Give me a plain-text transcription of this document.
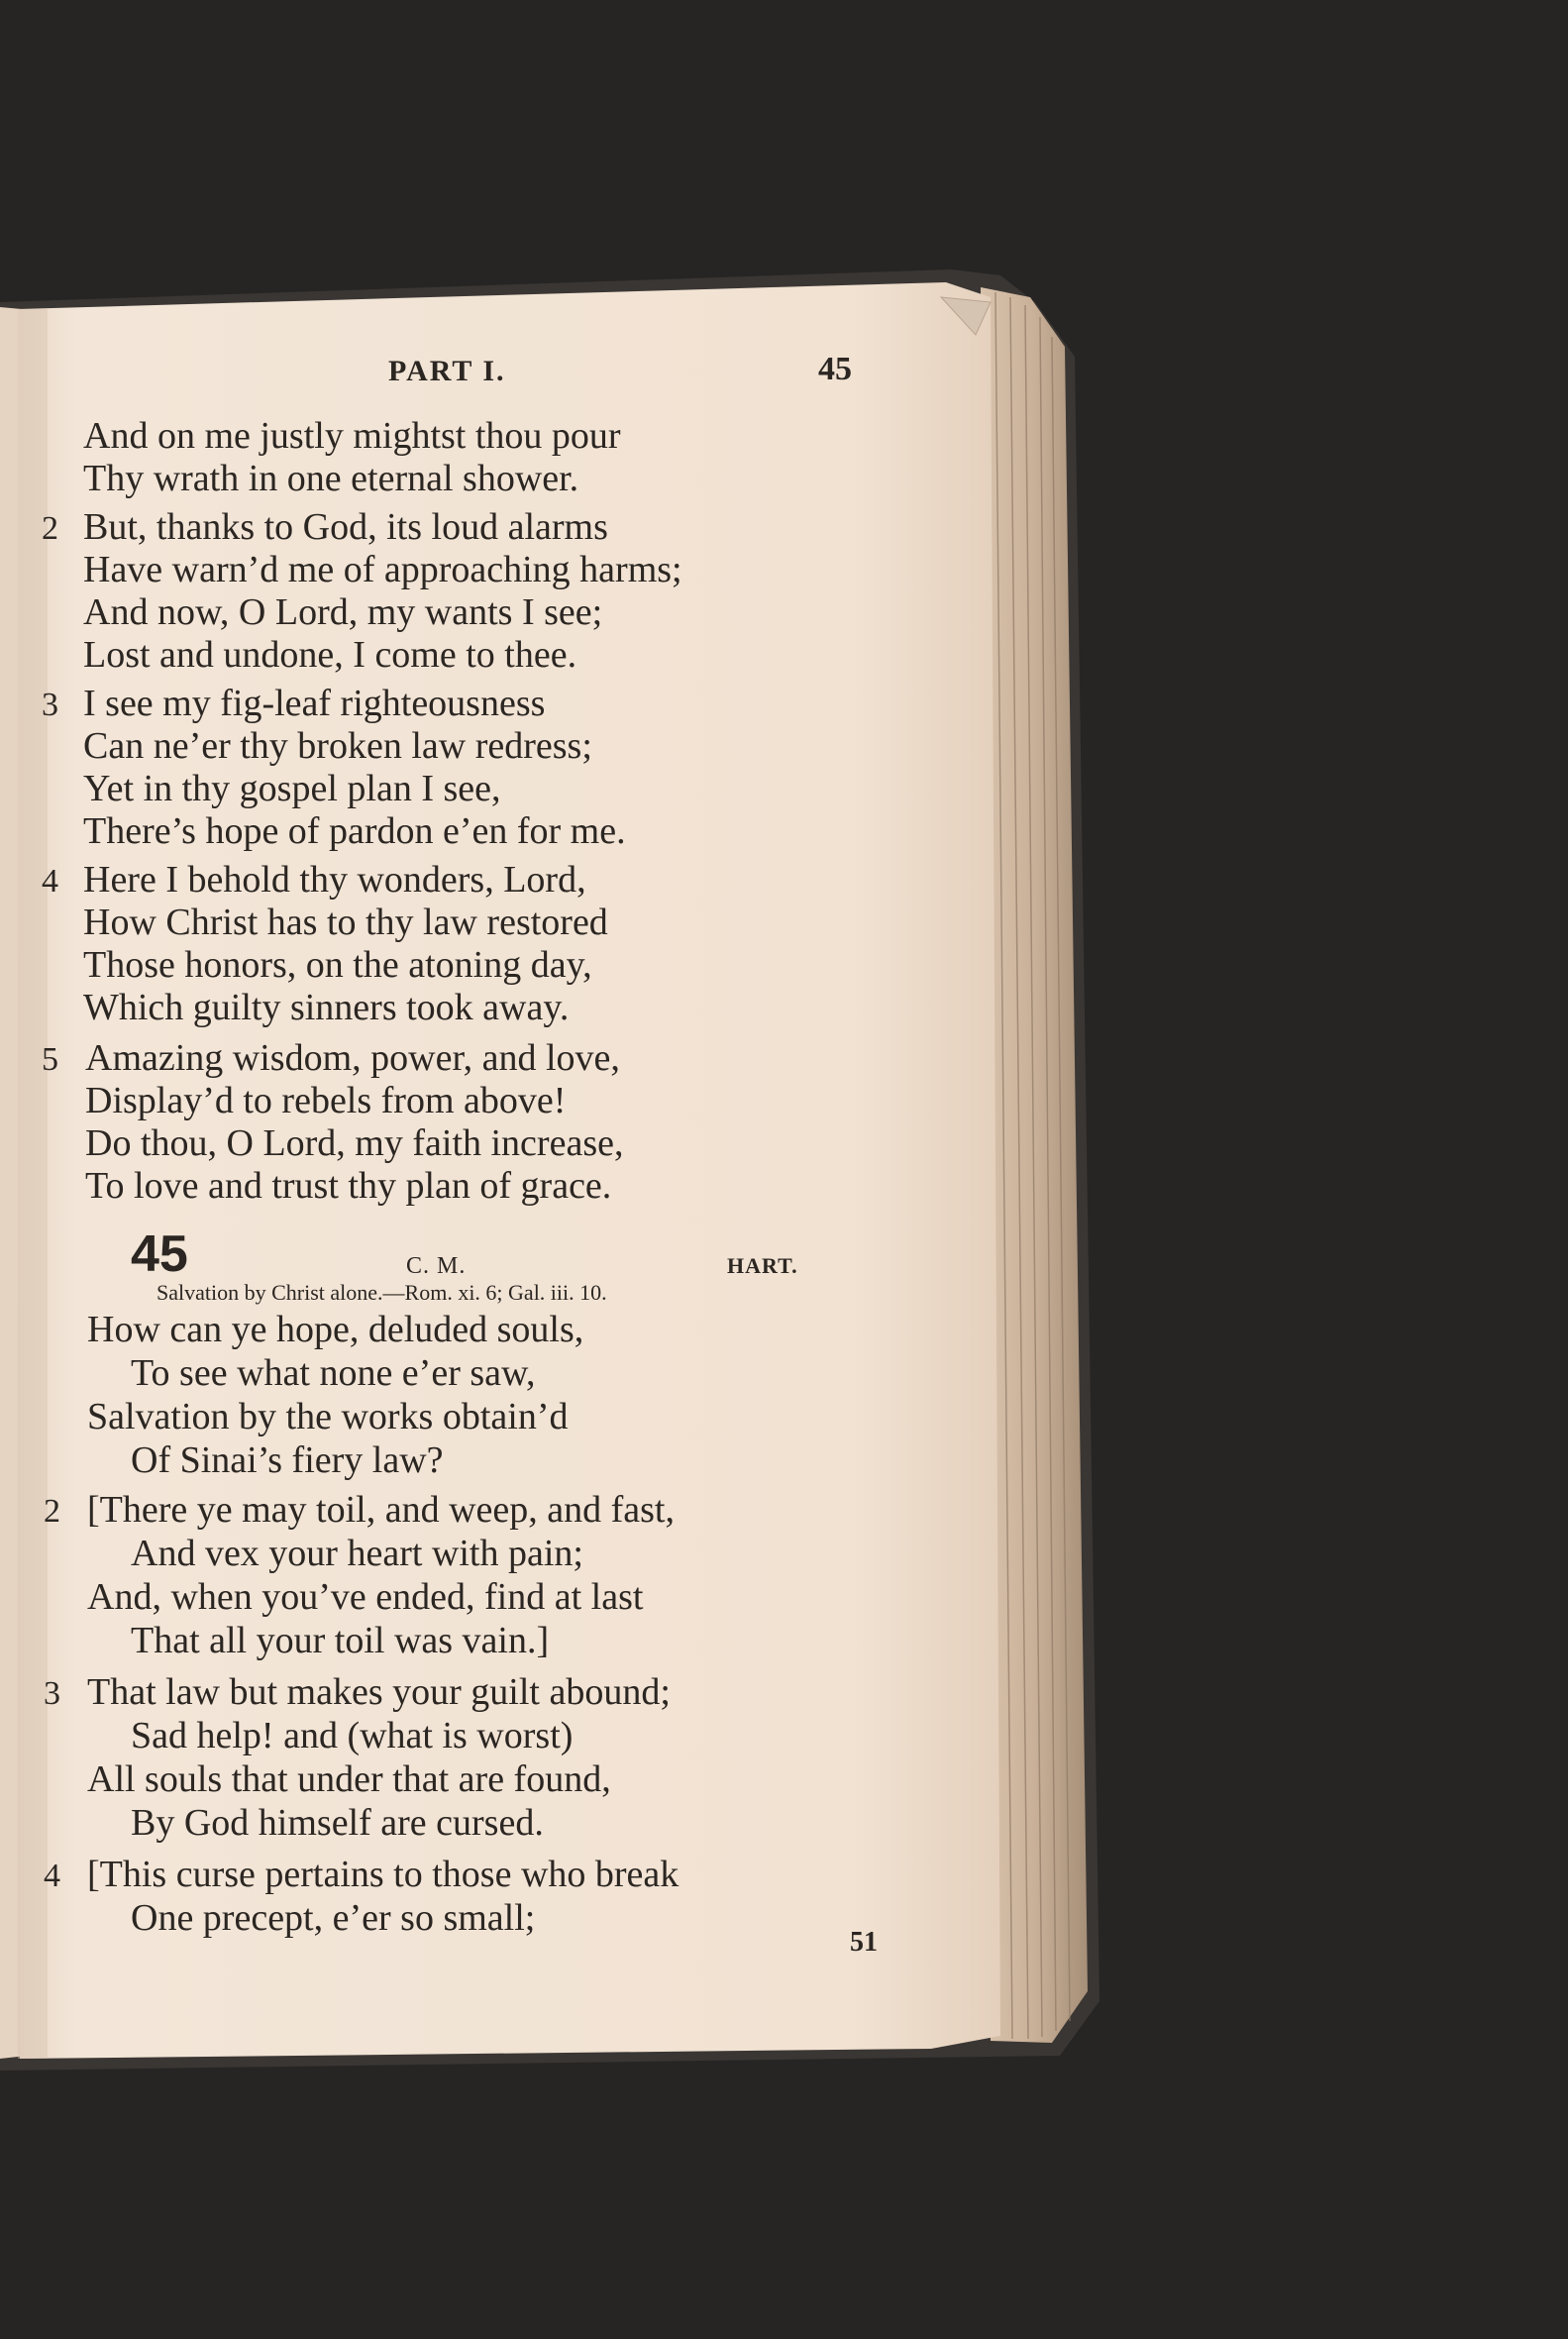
PART I.	45
And on me justly mightst thou pour
Thy wrath in one eternal shower.
2 But, thanks to God, its loud alarms
Have warn’d me of approaching harms;
And now, O Lord, my wants I see;
Lost and undone, I come to thee.
3 I see my fig-leaf righteousness
Can ne’er thy broken law redress;
Yet in thy gospel plan I see,
There’s hope of pardon e’en for me.
4 Here I behold thy wonders, Lord,
How Christ has to thy law restored
Those honors, on the atoning day,
Which guilty sinners took away.
5 Amazing wisdom, power, and love,
Display’d to rebels from above!
Do thou, O Lord, my faith increase,
To love and trust thy plan of grace.
45	C. M.	HART.
Salvation by Christ alone.—Rom. xi. 6; Gal. iii. 10.
How can ye hope, deluded souls,
To see what none e’er saw,
Salvation by the works obtain’d
Of Sinai’s fiery law?
2 [There ye may toil, and weep, and fast,
And vex your heart with pain;
And, when you’ve ended, find at last
That all your toil was vain.]
3 That law but makes your guilt abound;
Sad help! and (what is worst)
All souls that under that are found,
By God himself are cursed.
4 [This curse pertains to those who break
One precept, e’er so small;
51
